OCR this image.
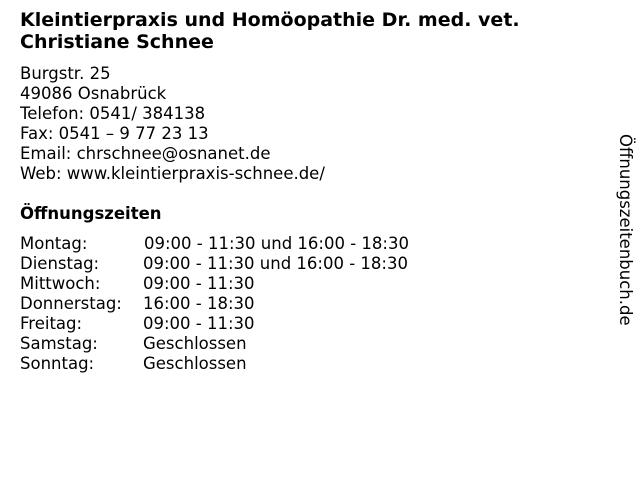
Kleintierpraxis und Homöopathie Dr. med. vet. Christiane Schnee
Burgstr. 25
49086 Osnabrück
Telefon: 0541/ 384138
Fax: 0541 – 9 77 23 13
Email: chrschnee@osnanet.de
Web: www.kleintierpraxis-schnee.de/
Öffnungszeiten
Montag:	09:00 - 11:30 und 16:00 - 18:30
Dienstag:	09:00 - 11:30 und 16:00 - 18:30
Mittwoch:	09:00 - 11:30
Donnerstag: 16:00 - 18:30
Freitag:	09:00 - 11:30
Samstag:	Geschlossen
Sonntag:	Geschlossen
Öffnungszeitenbuch.de
